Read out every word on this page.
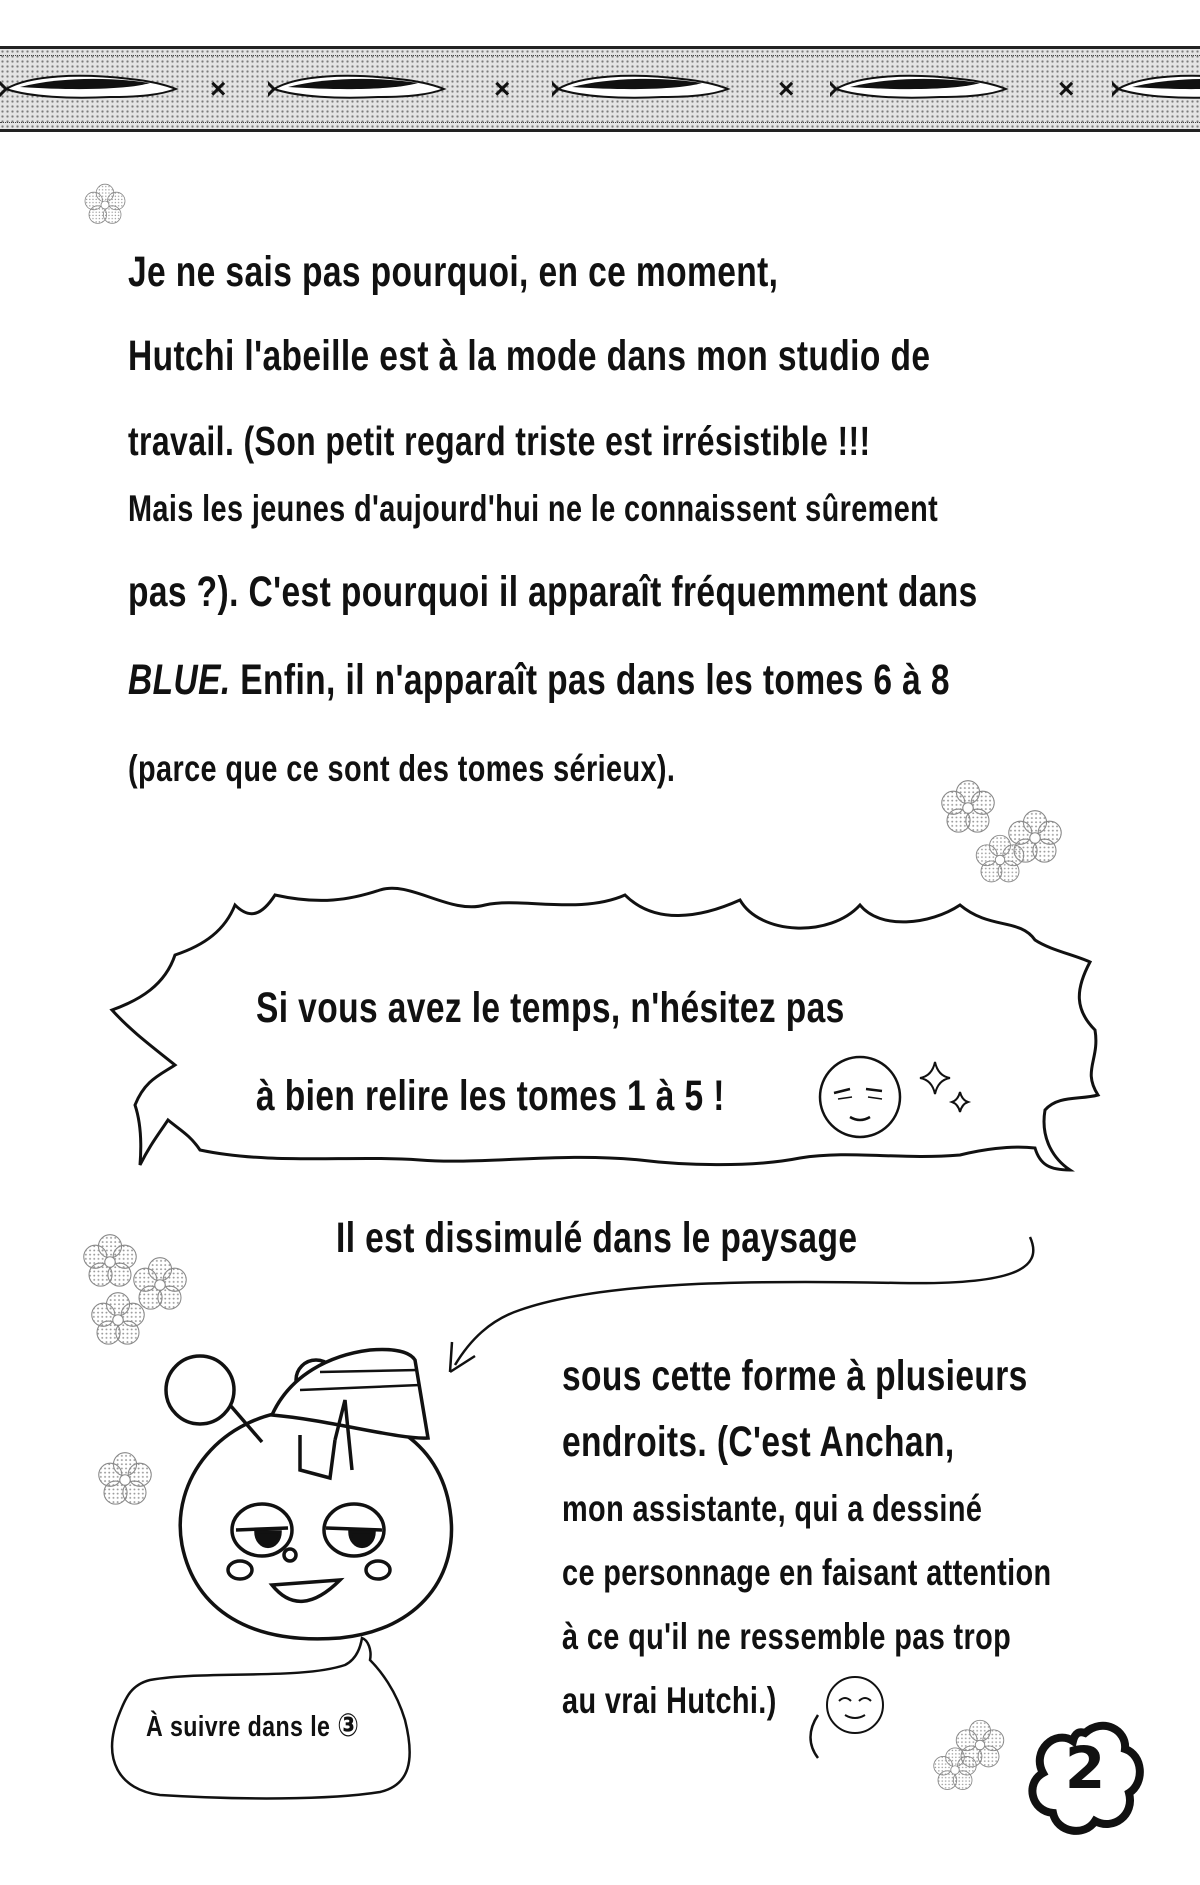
×	×	×	×
Je ne sais pas pourquoi, en ce moment,
Hutchi l'abeille est à la mode dans mon studio de
travail. (Son petit regard triste est irrésistible !!!
Mais les jeunes d'aujourd'hui ne le connaissent sûrement
pas ?). C'est pourquoi il apparaît fréquemment dans
BLUE. Enfin, il n'apparaît pas dans les tomes 6 à 8
(parce que ce sont des tomes sérieux).
Si vous avez le temps, n'hésitez pas
à bien relire les tomes 1 à 5 !
Il est dissimulé dans le paysage
sous cette forme à plusieurs
endroits. (C'est Anchan,
mon assistante, qui a dessiné
ce personnage en faisant attention
à ce qu'il ne ressemble pas trop
au vrai Hutchi.)
À suivre dans le ③
2
